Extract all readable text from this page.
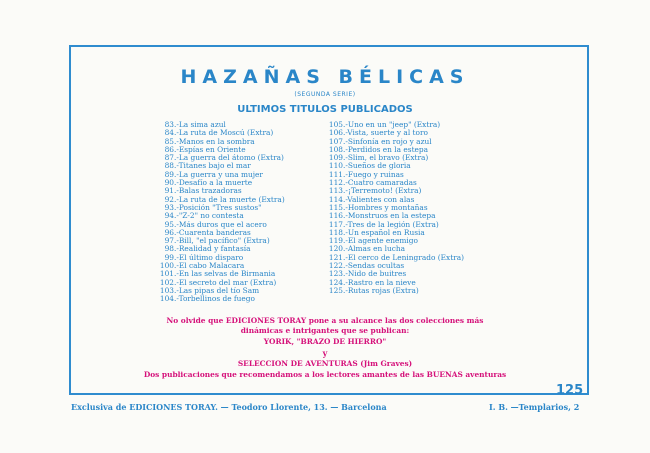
HAZAÑAS BÉLICAS
(SEGUNDA SERIE)
ULTIMOS TITULOS PUBLICADOS
83.-La sima azul
84.-La ruta de Moscú (Extra)
85.-Manos en la sombra
86.-Espías en Oriente
87.-La guerra del átomo (Extra)
88.-Titanes bajo el mar
89.-La guerra y una mujer
90.-Desafío a la muerte
91.-Balas trazadoras
92.-La ruta de la muerte (Extra)
93.-Posición "Tres sustos"
94.-"Z-2" no contesta
95.-Más duros que el acero
96.-Cuarenta banderas
97.-Bill, "el pacífico" (Extra)
98.-Realidad y fantasía
99.-El último disparo
100.-El cabo Malacara
101.-En las selvas de Birmania
102.-El secreto del mar (Extra)
103.-Las pipas del tío Sam
104.-Torbellinos de fuego
105.-Uno en un "jeep" (Extra)
106.-Vista, suerte y al toro
107.-Sinfonía en rojo y azul
108.-Perdidos en la estepa
109.-Slim, el bravo (Extra)
110.-Sueños de gloria
111.-Fuego y ruinas
112.-Cuatro camaradas
113.-¡Terremoto! (Extra)
114.-Valientes con alas
115.-Hombres y montañas
116.-Monstruos en la estepa
117.-Tres de la legión (Extra)
118.-Un español en Rusia
119.-El agente enemigo
120.-Almas en lucha
121.-El cerco de Leningrado (Extra)
122.-Sendas ocultas
123.-Nido de buitres
124.-Rastro en la nieve
125.-Rutas rojas (Extra)
No olvide que EDICIONES TORAY pone a su alcance las dos colecciones más
dinámicas e intrigantes que se publican:
YORIK, "BRAZO DE HIERRO"
y
SELECCION DE AVENTURAS (Jim Graves)
Dos publicaciones que recomendamos a los lectores amantes de las BUENAS aventuras
125
Exclusiva de EDICIONES TORAY. — Teodoro Llorente, 13. — Barcelona	I. B. —Templarios, 2
